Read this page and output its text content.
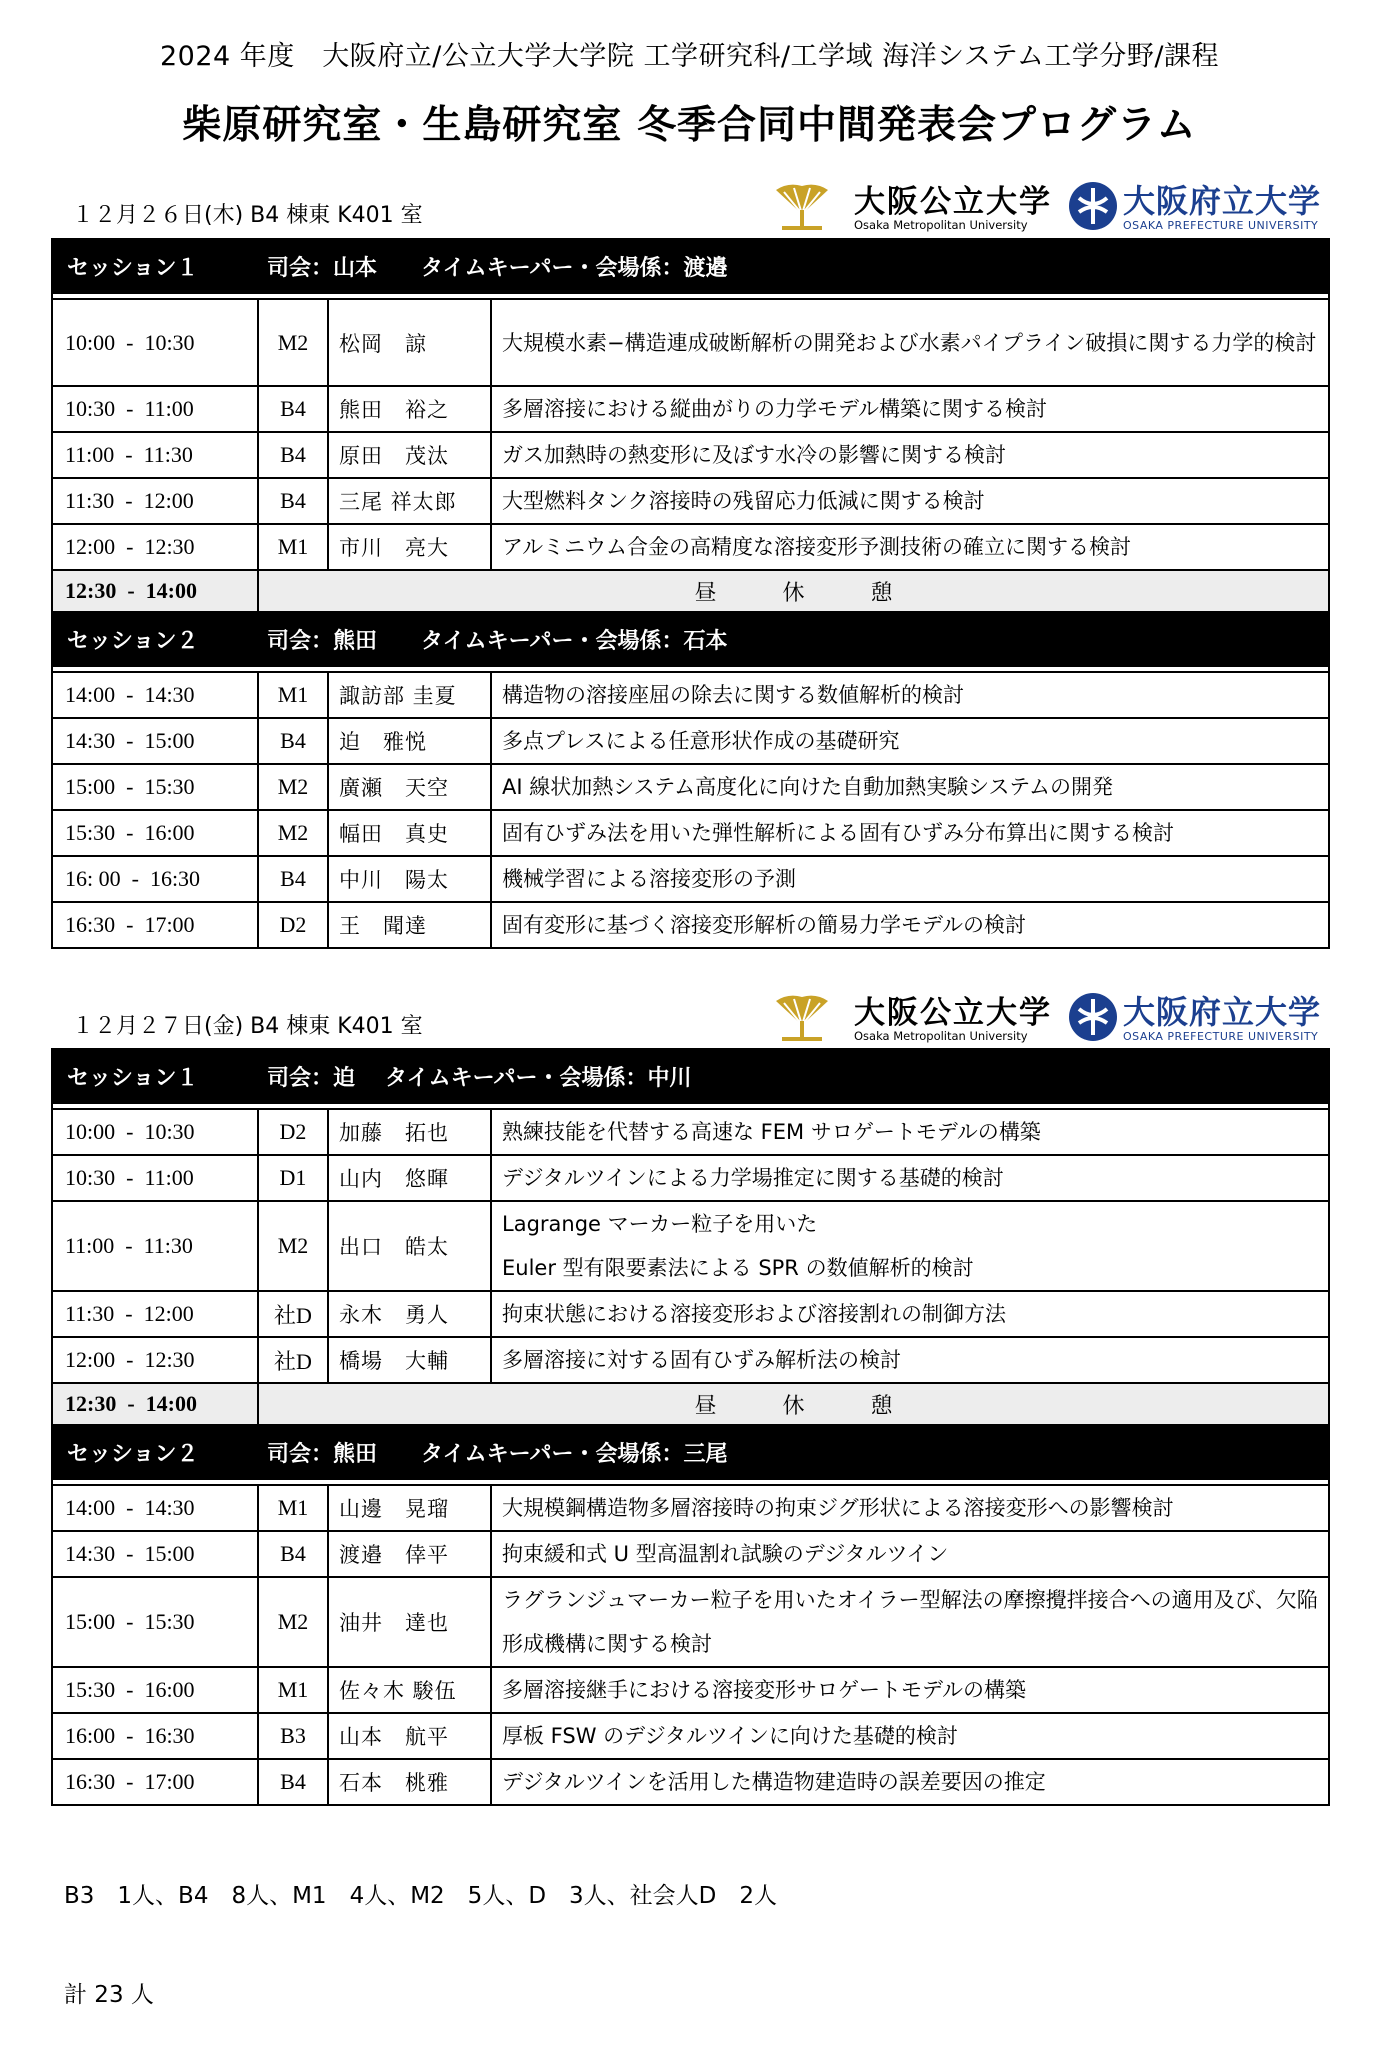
2024 年度　大阪府立/公立大学大学院 工学研究科/工学域 海洋システム工学分野/課程
柴原研究室・生島研究室 冬季合同中間発表会プログラム
１２月２６日(木) B4 棟東 K401 室	大阪公立大学
Osaka Metropolitan University
大阪府立大学
OSAKA PREFECTURE UNIVERSITY
セッション１ 司会：山本 タイムキーパー・会場係：渡邉			

10:00  -  10:30	M2	松岡　諒	大規模水素−構造連成破断解析の開発および水素パイプライン破損に関する力学的検討
10:30  -  11:00	B4	熊田　裕之	多層溶接における縦曲がりの力学モデル構築に関する検討
11:00  -  11:30	B4	原田　茂汰	ガス加熱時の熱変形に及ぼす水冷の影響に関する検討
11:30  -  12:00	B4	三尾 祥太郎	大型燃料タンク溶接時の残留応力低減に関する検討
12:00  -  12:30	M1	市川　亮大	アルミニウム合金の高精度な溶接変形予測技術の確立に関する検討
12:30  -  14:00	昼　　　休　　　憩		
セッション２ 司会：熊田 タイムキーパー・会場係：石本			

14:00  -  14:30	M1	諏訪部 圭夏	構造物の溶接座屈の除去に関する数値解析的検討
14:30  -  15:00	B4	迫　雅悦	多点プレスによる任意形状作成の基礎研究
15:00  -  15:30	M2	廣瀬　天空	AI 線状加熱システム高度化に向けた自動加熱実験システムの開発
15:30  -  16:00	M2	幅田　真史	固有ひずみ法を用いた弾性解析による固有ひずみ分布算出に関する検討
16: 00  -  16:30	B4	中川　陽太	機械学習による溶接変形の予測
16:30  -  17:00	D2	王　聞達	固有変形に基づく溶接変形解析の簡易力学モデルの検討
１２月２７日(金) B4 棟東 K401 室	大阪公立大学
Osaka Metropolitan University
大阪府立大学
OSAKA PREFECTURE UNIVERSITY
セッション１ 司会：迫 タイムキーパー・会場係：中川			

10:00  -  10:30	D2	加藤　拓也	熟練技能を代替する高速な FEM サロゲートモデルの構築
10:30  -  11:00	D1	山内　悠暉	デジタルツインによる力学場推定に関する基礎的検討
11:00  -  11:30	M2	出口　皓太	Lagrange マーカー粒子を用いた
Euler 型有限要素法による SPR の数値解析的検討

11:30  -  12:00	社D	永木　勇人	拘束状態における溶接変形および溶接割れの制御方法
12:00  -  12:30	社D	橋場　大輔	多層溶接に対する固有ひずみ解析法の検討
12:30  -  14:00	昼　　　休　　　憩		
セッション２ 司会：熊田 タイムキーパー・会場係：三尾			

14:00  -  14:30	M1	山邊　晃瑠	大規模鋼構造物多層溶接時の拘束ジグ形状による溶接変形への影響検討
14:30  -  15:00	B4	渡邉　倖平	拘束緩和式 U 型高温割れ試験のデジタルツイン
15:00  -  15:30	M2	油井　達也	ラグランジュマーカー粒子を用いたオイラー型解法の摩擦攪拌接合への適用及び、欠陥形成機構に関する検討
15:30  -  16:00	M1	佐々木 駿伍	多層溶接継手における溶接変形サロゲートモデルの構築
16:00  -  16:30	B3	山本　航平	厚板 FSW のデジタルツインに向けた基礎的検討
16:30  -  17:00	B4	石本　桃雅	デジタルツインを活用した構造物建造時の誤差要因の推定

B3　1人、B4　8人、M1　4人、M2　5人、D　3人、社会人D　2人

計 23 人
